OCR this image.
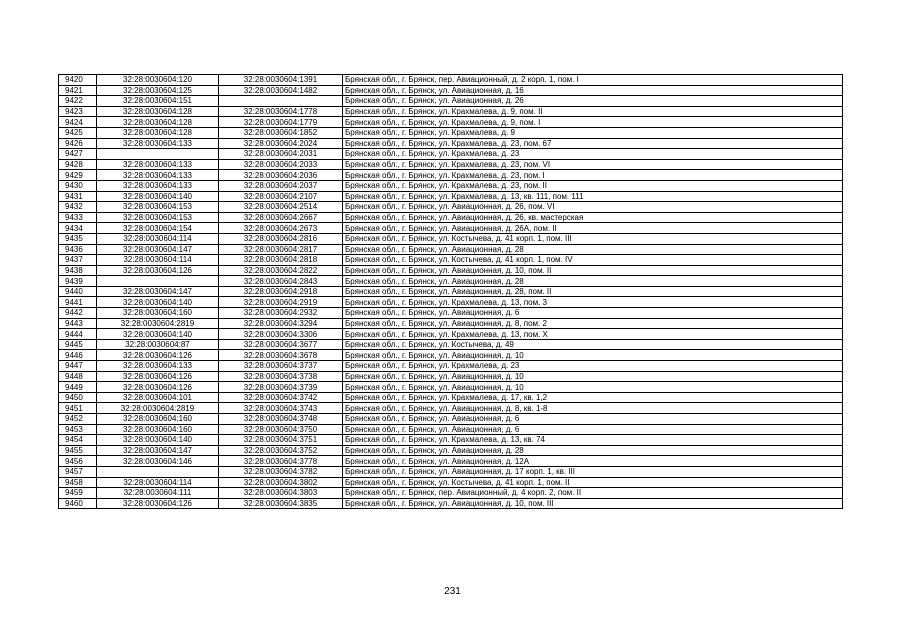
9420	32:28:0030604:120	32:28:0030604:1391	Брянская обл., г. Брянск, пер. Авиационный, д. 2 корп. 1, пом. I
9421	32:28:0030604:125	32:28:0030604:1482	Брянская обл., г. Брянск, ул. Авиационная, д. 16
9422	32:28:0030604:151		Брянская обл., г. Брянск, ул. Авиационная, д. 26
9423	32:28:0030604:128	32:28:0030604:1778	Брянская обл., г. Брянск, ул. Крахмалева, д. 9, пом. II
9424	32:28:0030604:128	32:28:0030604:1779	Брянская обл., г. Брянск, ул. Крахмалева, д. 9, пом. I
9425	32:28:0030604:128	32:28:0030604:1852	Брянская обл., г. Брянск, ул. Крахмалева, д. 9
9426	32:28:0030604:133	32:28:0030604:2024	Брянская обл., г. Брянск, ул. Крахмалева, д. 23, пом. 67
9427		32:28:0030604:2031	Брянская обл., г. Брянск, ул. Крахмалева, д. 23
9428	32:28:0030604:133	32:28:0030604:2033	Брянская обл., г. Брянск, ул. Крахмалева, д. 23, пом. VI
9429	32:28:0030604:133	32:28:0030604:2036	Брянская обл., г. Брянск, ул. Крахмалева, д. 23, пом. I
9430	32:28:0030604:133	32:28:0030604:2037	Брянская обл., г. Брянск, ул. Крахмалева, д. 23, пом. II
9431	32:28:0030604:140	32:28:0030604:2107	Брянская обл., г. Брянск, ул. Крахмалева, д. 13, кв. 111, пом. 111
9432	32:28:0030604:153	32:28:0030604:2514	Брянская обл., г. Брянск, ул. Авиационная, д. 26, пом. VI
9433	32:28:0030604:153	32:28:0030604:2667	Брянская обл., г. Брянск, ул. Авиационная, д. 26, кв. мастерская
9434	32:28:0030604:154	32:28:0030604:2673	Брянская обл., г. Брянск, ул. Авиационная, д. 26А, пом. II
9435	32:28:0030604:114	32:28:0030604:2816	Брянская обл., г. Брянск, ул. Костычева, д. 41 корп. 1, пом. III
9436	32:28:0030604:147	32:28:0030604:2817	Брянская обл., г. Брянск, ул. Авиационная, д. 28
9437	32:28:0030604:114	32:28:0030604:2818	Брянская обл., г. Брянск, ул. Костычева, д. 41 корп. 1, пом. IV
9438	32:28:0030604:126	32:28:0030604:2822	Брянская обл., г. Брянск, ул. Авиационная, д. 10, пом. II
9439		32:28:0030604:2843	Брянская обл., г. Брянск, ул. Авиационная, д. 28
9440	32:28:0030604:147	32:28:0030604:2918	Брянская обл., г. Брянск, ул. Авиационная, д. 28, пом. II
9441	32:28:0030604:140	32:28:0030604:2919	Брянская обл., г. Брянск, ул. Крахмалева, д. 13, пом. 3
9442	32:28:0030604:160	32:28:0030604:2932	Брянская обл., г. Брянск, ул. Авиационная, д. 6
9443	32:28:0030604:2819	32:28:0030604:3294	Брянская обл., г. Брянск, ул. Авиационная, д. 8, пом. 2
9444	32:28:0030604:140	32:28:0030604:3306	Брянская обл., г. Брянск, ул. Крахмалева, д. 13, пом. X
9445	32:28:0030604:87	32:28:0030604:3677	Брянская обл., г. Брянск, ул. Костычева, д. 49
9446	32:28:0030604:126	32:28:0030604:3678	Брянская обл., г. Брянск, ул. Авиационная, д. 10
9447	32:28:0030604:133	32:28:0030604:3737	Брянская обл., г. Брянск, ул. Крахмалева, д. 23
9448	32:28:0030604:126	32:28:0030604:3738	Брянская обл., г. Брянск, ул. Авиационная, д. 10
9449	32:28:0030604:126	32:28:0030604:3739	Брянская обл., г. Брянск, ул. Авиационная, д. 10
9450	32:28:0030604:101	32:28:0030604:3742	Брянская обл., г. Брянск, ул. Крахмалева, д. 17, кв. 1,2
9451	32:28:0030604:2819	32:28:0030604:3743	Брянская обл., г. Брянск, ул. Авиационная, д. 8, кв. 1-8
9452	32:28:0030604:160	32:28:0030604:3748	Брянская обл., г. Брянск, ул. Авиационная, д. 6
9453	32:28:0030604:160	32:28:0030604:3750	Брянская обл., г. Брянск, ул. Авиационная, д. 6
9454	32:28:0030604:140	32:28:0030604:3751	Брянская обл., г. Брянск, ул. Крахмалева, д. 13, кв. 74
9455	32:28:0030604:147	32:28:0030604:3752	Брянская обл., г. Брянск, ул. Авиационная, д. 28
9456	32:28:0030604:146	32:28:0030604:3778	Брянская обл., г. Брянск, ул. Авиационная, д. 12А
9457		32:28:0030604:3782	Брянская обл., г. Брянск, ул. Авиационная, д. 17 корп. 1, кв. III
9458	32:28:0030604:114	32:28:0030604:3802	Брянская обл., г. Брянск, ул. Костычева, д. 41 корп. 1, пом. II
9459	32:28:0030604:111	32:28:0030604:3803	Брянская обл., г. Брянск, пер. Авиационный, д. 4 корп. 2, пом. II
9460	32:28:0030604:126	32:28:0030604:3835	Брянская обл., г. Брянск, ул. Авиационная, д. 10, пом. III
231
